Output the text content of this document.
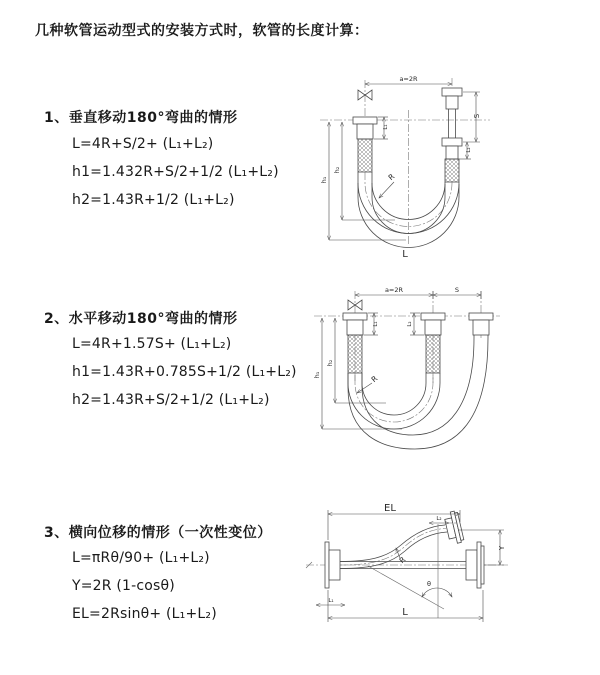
几种软管运动型式的安装方式时，软管的长度计算：
1、垂直移动180°弯曲的情形
L=4R+S/2+ (L₁+L₂)
h1=1.432R+S/2+1/2 (L₁+L₂)
h2=1.43R+1/2 (L₁+L₂)
2、水平移动180°弯曲的情形
L=4R+1.57S+ (L₁+L₂)
h1=1.43R+0.785S+1/2 (L₁+L₂)
h2=1.43R+S/2+1/2 (L₁+L₂)
3、横向位移的情形（一次性变位）
L=πRθ/90+ (L₁+L₂)
Y=2R (1-cosθ)
EL=2Rsinθ+ (L₁+L₂)
a=2R
S
L₂
L₁
h₂
h₁	R
L
a=2R	S
L₁	L₂
h₂
h₁	R
θ
R
EL
L₂
Y
L₁
L
